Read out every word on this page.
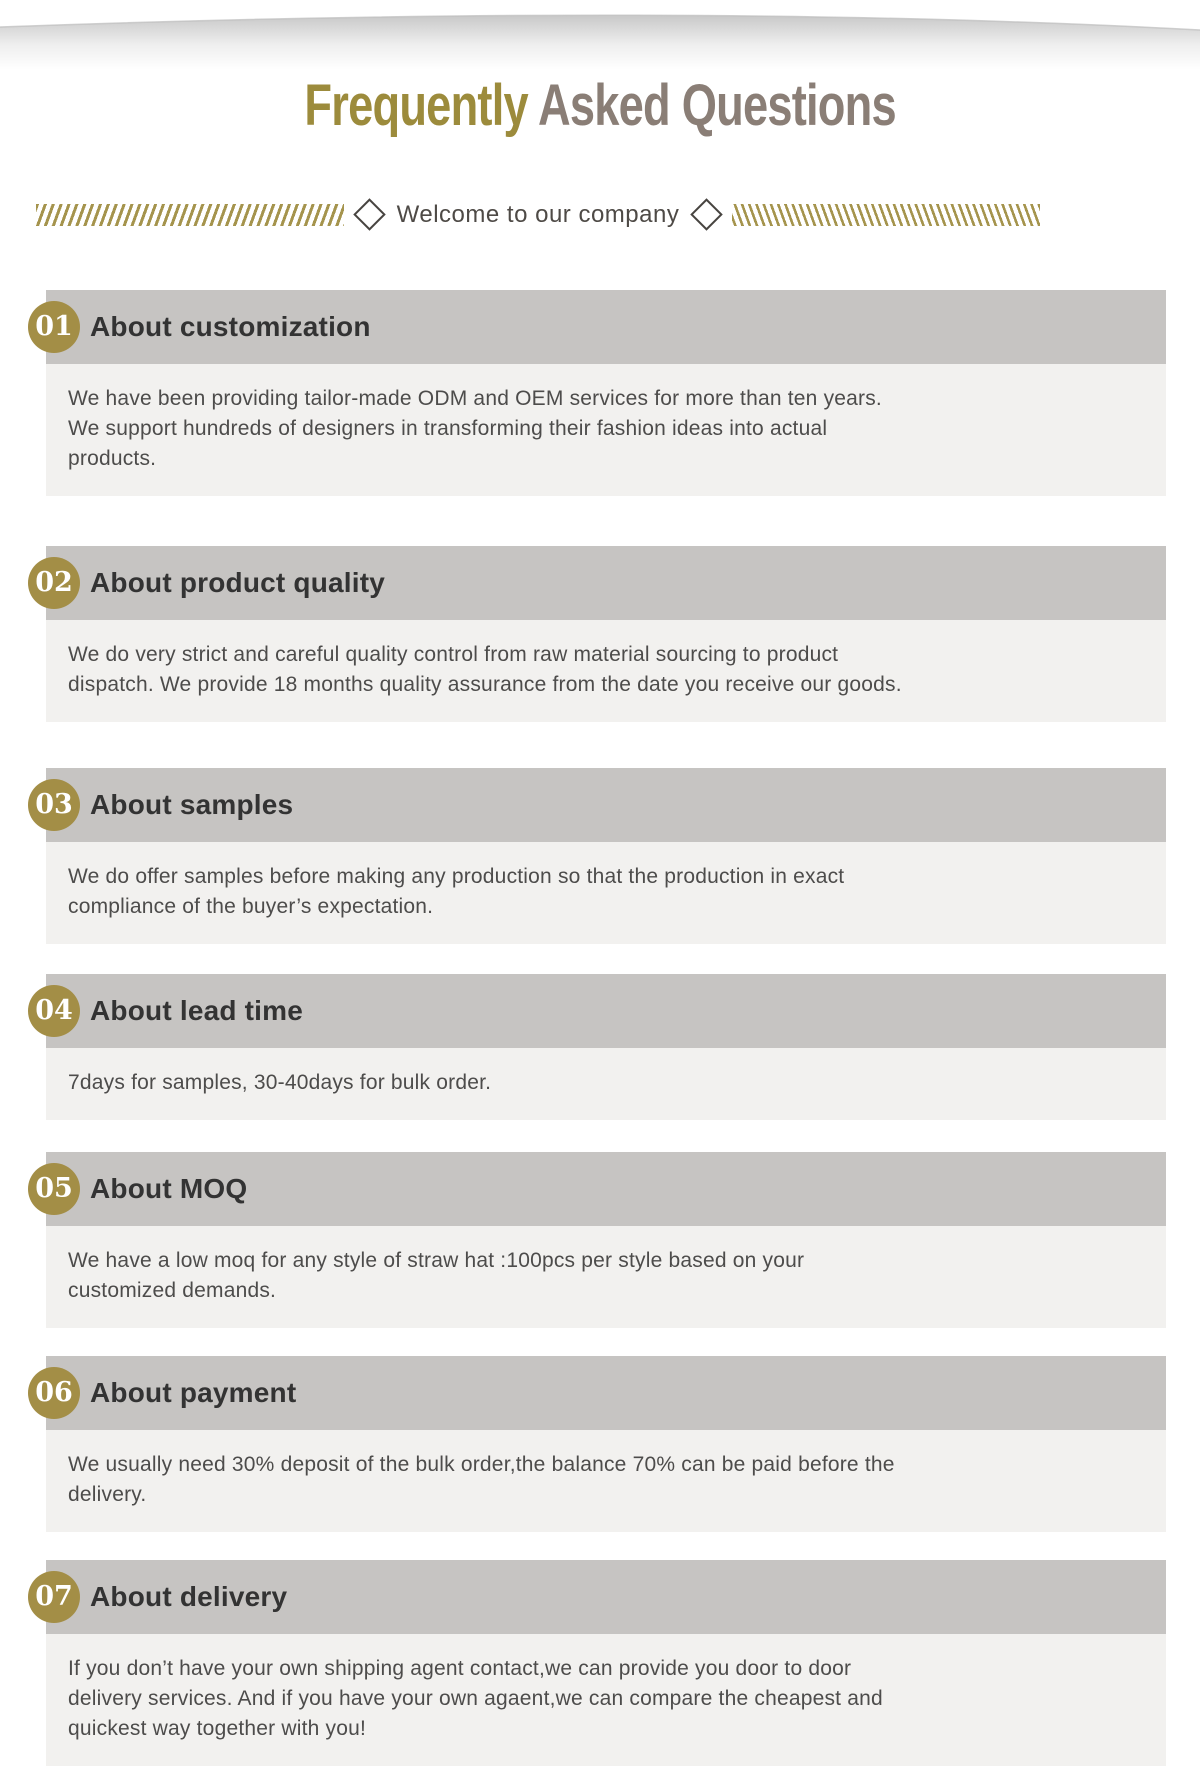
Frequently Asked Questions
Welcome to our company
01 About customization
We have been providing tailor-made ODM and OEM services for more than ten years.
We support hundreds of designers in transforming their fashion ideas into actual
products.
02 About product quality
We do very strict and careful quality control from raw material sourcing to product
dispatch. We provide 18 months quality assurance from the date you receive our goods.
03 About samples
We do offer samples before making any production so that the production in exact
compliance of the buyer’s expectation.
04 About lead time
7days for samples, 30-40days for bulk order.
05 About MOQ
We have a low moq for any style of straw hat :100pcs per style based on your
customized demands.
06 About payment
We usually need 30% deposit of the bulk order,the balance 70% can be paid before the
delivery.
07 About delivery
If you don’t have your own shipping agent contact,we can provide you door to door
delivery services. And if you have your own agaent,we can compare the cheapest and
quickest way together with you!
